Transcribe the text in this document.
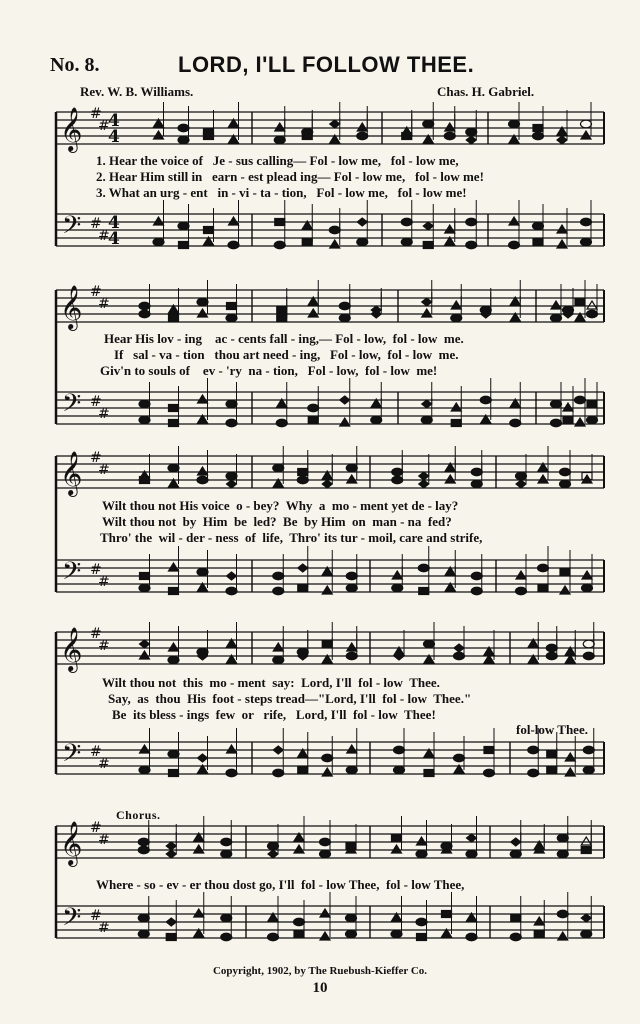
No. 8.	LORD, I'LL FOLLOW THEE.
Rev. W. B. Williams.	Chas. H. Gabriel.
𝄞
𝄢
#
#
#
#
4
4
4
4
𝄞
𝄢
#
#
#
#
𝄞
𝄢
#
#
#
#
𝄞
𝄢
#
#
#
#
𝄞
𝄢
#
#
#
#
1. Hear the voice of   Je - sus calling— Fol - low me,   fol - low me,
2. Hear Him still in   earn - est plead ing— Fol - low me,   fol - low me!
3. What an urg - ent   in - vi - ta - tion,   Fol - low me,   fol - low me!
Hear His lov - ing    ac - cents fall - ing,— Fol - low,  fol - low  me.
If   sal - va - tion   thou art need - ing,   Fol - low,  fol - low  me.
Giv'n to souls of    ev - 'ry  na - tion,   Fol - low,  fol - low  me!
Wilt thou not His voice  o - bey?  Why  a  mo - ment yet de - lay?
Wilt thou not  by  Him  be  led?  Be  by Him  on  man - na  fed?
Thro' the  wil - der - ness  of  life,  Thro' its tur - moil, care and strife,
Wilt thou not  this  mo - ment  say:  Lord, I'll  fol - low  Thee.
Say,  as  thou  His  foot - steps tread—"Lord, I'll  fol - low  Thee."
Be  its bless - ings  few  or   rife,   Lord, I'll  fol - low  Thee!
fol-low Thee.
Chorus.
Where - so - ev - er thou dost go, I'll  fol - low Thee,  fol - low Thee,
Copyright, 1902, by The Ruebush-Kieffer Co.
10
